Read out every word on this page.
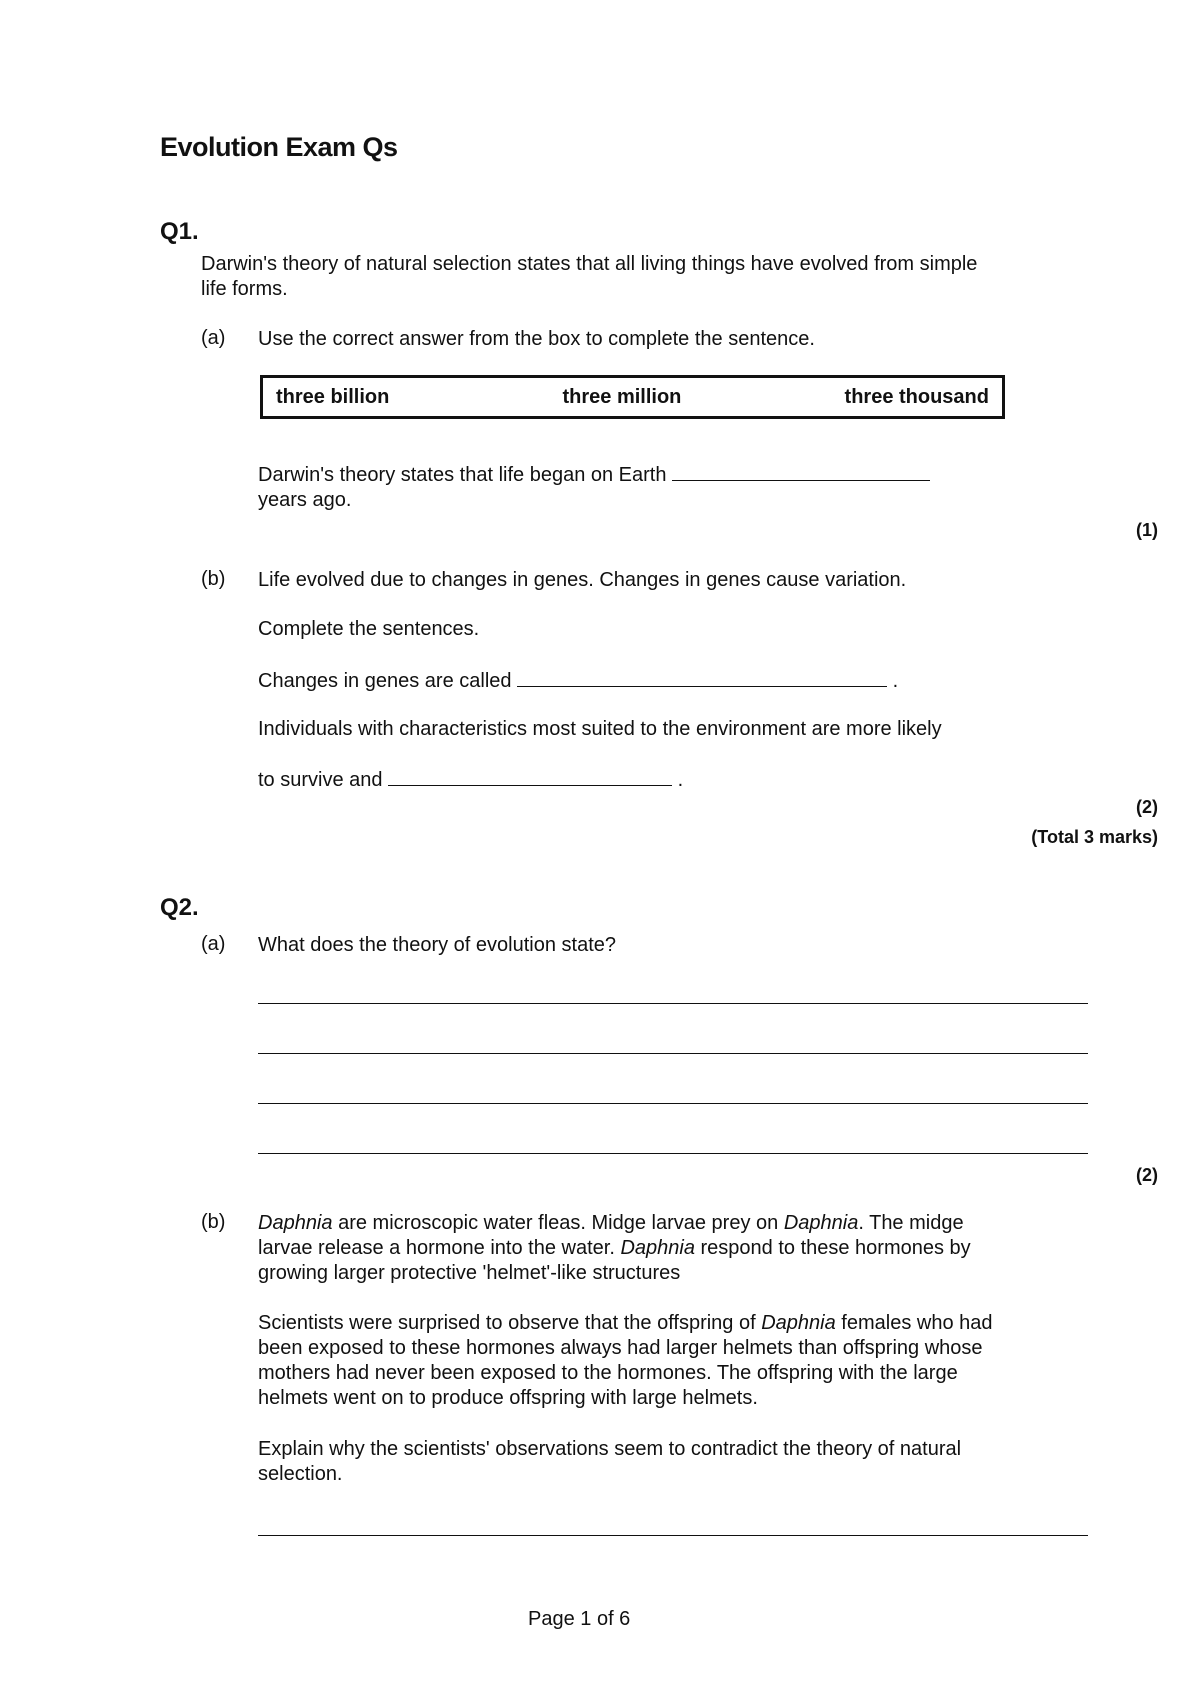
Evolution Exam Qs
Q1.
Darwin's theory of natural selection states that all living things have evolved from simple
life forms.
(a) Use the correct answer from the box to complete the sentence.
three billion	three million	three thousand
Darwin's theory states that life began on Earth
years ago.
(1)
(b) Life evolved due to changes in genes. Changes in genes cause variation.
Complete the sentences.
Changes in genes are called	.
Individuals with characteristics most suited to the environment are more likely
to survive and	.
(2)
(Total 3 marks)
Q2.
(a) What does the theory of evolution state?
(2)
(b) Daphnia are microscopic water fleas. Midge larvae prey on Daphnia. The midge
larvae release a hormone into the water. Daphnia respond to these hormones by
growing larger protective 'helmet'-like structures
Scientists were surprised to observe that the offspring of Daphnia females who had
been exposed to these hormones always had larger helmets than offspring whose
mothers had never been exposed to the hormones. The offspring with the large
helmets went on to produce offspring with large helmets.
Explain why the scientists' observations seem to contradict the theory of natural
selection.
Page 1 of 6
